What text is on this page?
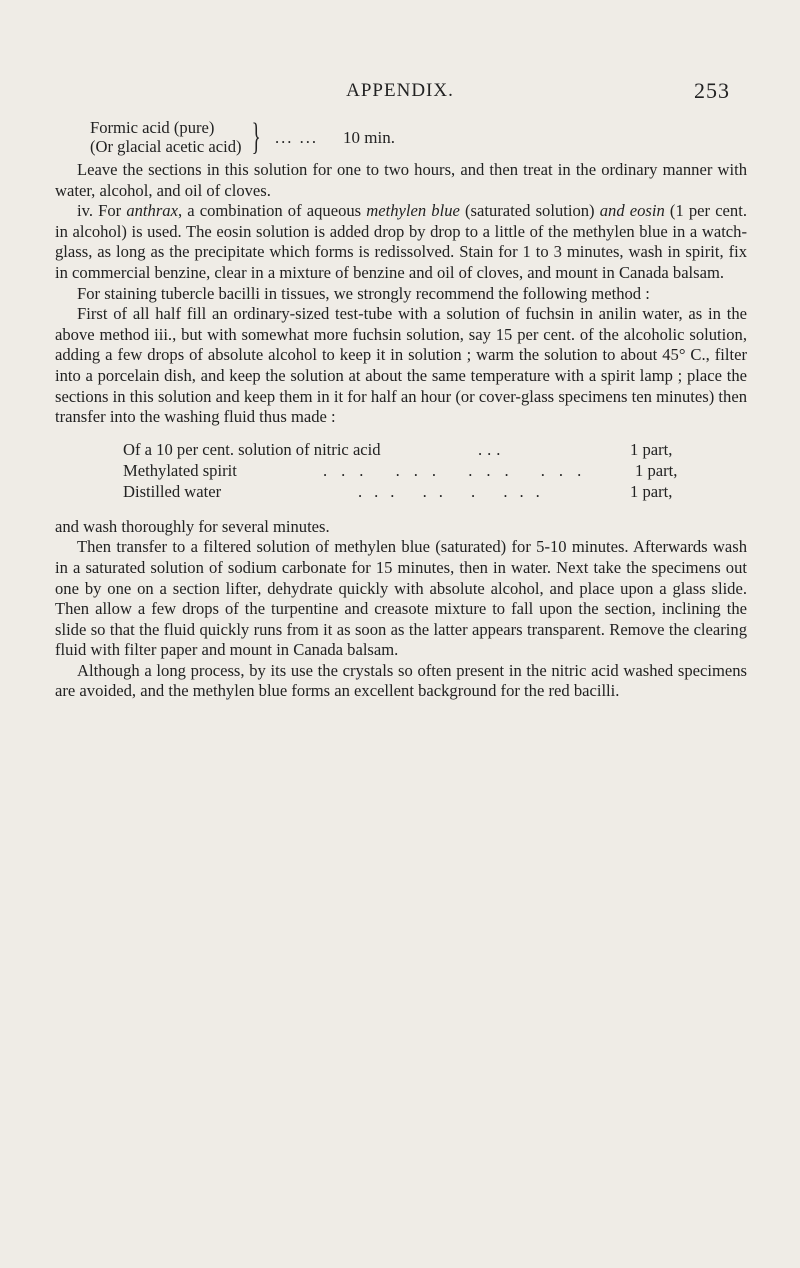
APPENDIX.	253
Formic acid (pure)
(Or glacial acetic acid) } ... ... 10 min.

Leave the sections in this solution for one to two hours, and then treat in the ordinary manner with water, alcohol, and oil of cloves.

iv. For anthrax, a combination of aqueous methylen blue (saturated solution) and eosin (1 per cent. in alcohol) is used. The eosin solution is added drop by drop to a little of the methylen blue in a watch-glass, as long as the precipitate which forms is redissolved. Stain for 1 to 3 minutes, wash in spirit, fix in commercial benzine, clear in a mixture of benzine and oil of cloves, and mount in Canada balsam.

For staining tubercle bacilli in tissues, we strongly recommend the following method :

First of all half fill an ordinary-sized test-tube with a solution of fuchsin in anilin water, as in the above method iii., but with somewhat more fuchsin solution, say 15 per cent. of the alcoholic solution, adding a few drops of absolute alcohol to keep it in solution ; warm the solution to about 45° C., filter into a porcelain dish, and keep the solution at about the same temperature with a spirit lamp ; place the sections in this solution and keep them in it for half an hour (or cover-glass specimens ten minutes) then transfer into the washing fluid thus made :

Of a 10 per cent. solution of nitric acid	...	1 part,
Methylated spirit	... ... ... ... 1 part,
Distilled water	... .. . ...	1 part,

and wash thoroughly for several minutes.

Then transfer to a filtered solution of methylen blue (saturated) for 5-10 minutes. Afterwards wash in a saturated solution of sodium carbonate for 15 minutes, then in water. Next take the specimens out one by one on a section lifter, dehydrate quickly with absolute alcohol, and place upon a glass slide. Then allow a few drops of the turpentine and creasote mixture to fall upon the section, inclining the slide so that the fluid quickly runs from it as soon as the latter appears transparent. Remove the clearing fluid with filter paper and mount in Canada balsam.

Although a long process, by its use the crystals so often present in the nitric acid washed specimens are avoided, and the methylen blue forms an excellent background for the red bacilli.
